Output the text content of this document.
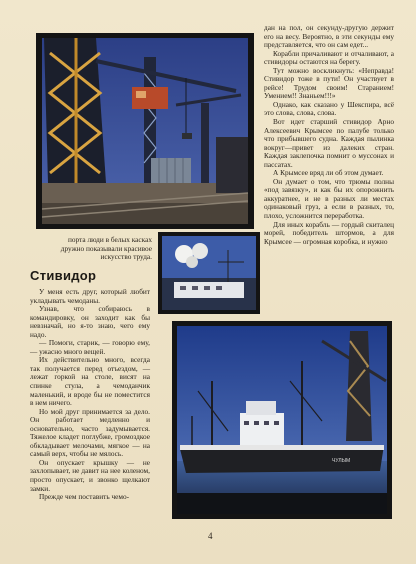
ЧУЛЫМ

дан на пол, он секунду-другую держит его на весу. Вероятно, в эти секунды ему представляется, что он сам едет...

Корабли причаливают и отчаливают, а стивидоры остаются на берегу.

Тут можно воскликнуть: «Неправда! Стивидор тоже в пути! Он участвует в рейсе! Трудом своим! Старанием! Умением!! Знаньем!!!»

Однако, как сказано у Шекспира, всё это слова, слова, слова.

Вот идет старший стивидор Арно Алексеевич Крымсее по палубе только что прибывшего судна. Каждая пылинка вокруг—привет из далеких стран. Каждая заклепочка помнит о муссонах и пассатах.

А Крымсее вряд ли об этом думает.

Он думает о том, что трюмы полны «под завязку», и как бы их опорожнить аккуратнее, и не в разных ли местах одинаковый груз, а если в разных, то, плохо, усложнится переработка.

Для иных корабль — гордый скиталец морей, победитель штормов, а для Крымсее — огромная коробка, и нужно

порта люди в белых касках

дружно показывали красивое

искусство труда.

Стивидор

У меня есть друг, который любит укладывать чемоданы.

Узнав, что собираюсь в командировку, он заходит как бы невзначай, но я-то знаю, чего ему надо.

— Помоги, старик, — говорю ему, — ужасно много вещей.

Их действительно много, всегда так получается перед отъездом, — лежат горкой на столе, висят на спинке стула, а чемоданчик маленький, и вроде бы не поместится в нем ничего.

Но мой друг принимается за дело. Он работает медленно и основательно, часто задумывается. Тяжелое кладет поглубже, громоздкое обкладывает мелочами, мягкое — на самый верх, чтобы не мялось.

Он опускает крышку — не захлопывает, не давит на нее коленом, просто опускает, и звонко щелкают замки.

Прежде чем поставить чемо-

4
